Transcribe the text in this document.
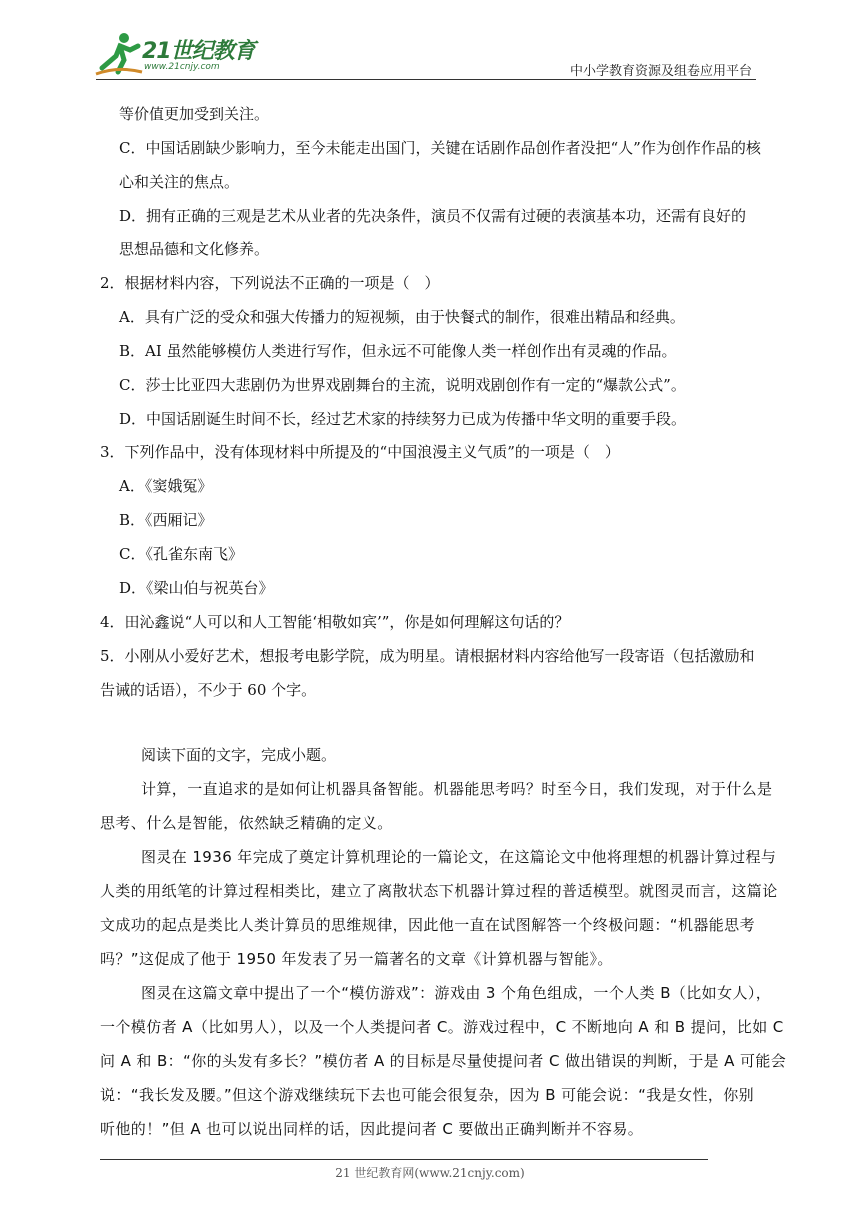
21世纪教育
www.21cnjy.com	中小学教育资源及组卷应用平台
等价值更加受到关注。
C．中国话剧缺少影响力，至今未能走出国门，关键在话剧作品创作者没把“人”作为创作作品的核
心和关注的焦点。
D．拥有正确的三观是艺术从业者的先决条件，演员不仅需有过硬的表演基本功，还需有良好的
思想品德和文化修养。
2．根据材料内容，下列说法不正确的一项是（　）
A．具有广泛的受众和强大传播力的短视频，由于快餐式的制作，很难出精品和经典。
B．AI 虽然能够模仿人类进行写作，但永远不可能像人类一样创作出有灵魂的作品。
C．莎士比亚四大悲剧仍为世界戏剧舞台的主流，说明戏剧创作有一定的“爆款公式”。
D．中国话剧诞生时间不长，经过艺术家的持续努力已成为传播中华文明的重要手段。
3．下列作品中，没有体现材料中所提及的“中国浪漫主义气质”的一项是（　）
A．《窦娥冤》
B．《西厢记》
C．《孔雀东南飞》
D．《梁山伯与祝英台》
4．田沁鑫说“人可以和人工智能‘相敬如宾’”，你是如何理解这句话的？
5．小刚从小爱好艺术，想报考电影学院，成为明星。请根据材料内容给他写一段寄语（包括激励和
告诫的话语），不少于 60 个字。
阅读下面的文字，完成小题。
计算，一直追求的是如何让机器具备智能。机器能思考吗？时至今日，我们发现，对于什么是
思考、什么是智能，依然缺乏精确的定义。
图灵在 1936 年完成了奠定计算机理论的一篇论文，在这篇论文中他将理想的机器计算过程与
人类的用纸笔的计算过程相类比，建立了离散状态下机器计算过程的普适模型。就图灵而言，这篇论
文成功的起点是类比人类计算员的思维规律，因此他一直在试图解答一个终极问题：“机器能思考
吗？”这促成了他于 1950 年发表了另一篇著名的文章《计算机器与智能》。
图灵在这篇文章中提出了一个“模仿游戏”：游戏由 3 个角色组成，一个人类 B（比如女人），
一个模仿者 A（比如男人），以及一个人类提问者 C。游戏过程中，C 不断地向 A 和 B 提问，比如 C
问 A 和 B：“你的头发有多长？”模仿者 A 的目标是尽量使提问者 C 做出错误的判断，于是 A 可能会
说：“我长发及腰。”但这个游戏继续玩下去也可能会很复杂，因为 B 可能会说：“我是女性，你别
听他的！”但 A 也可以说出同样的话，因此提问者 C 要做出正确判断并不容易。
21 世纪教育网(www.21cnjy.com)
